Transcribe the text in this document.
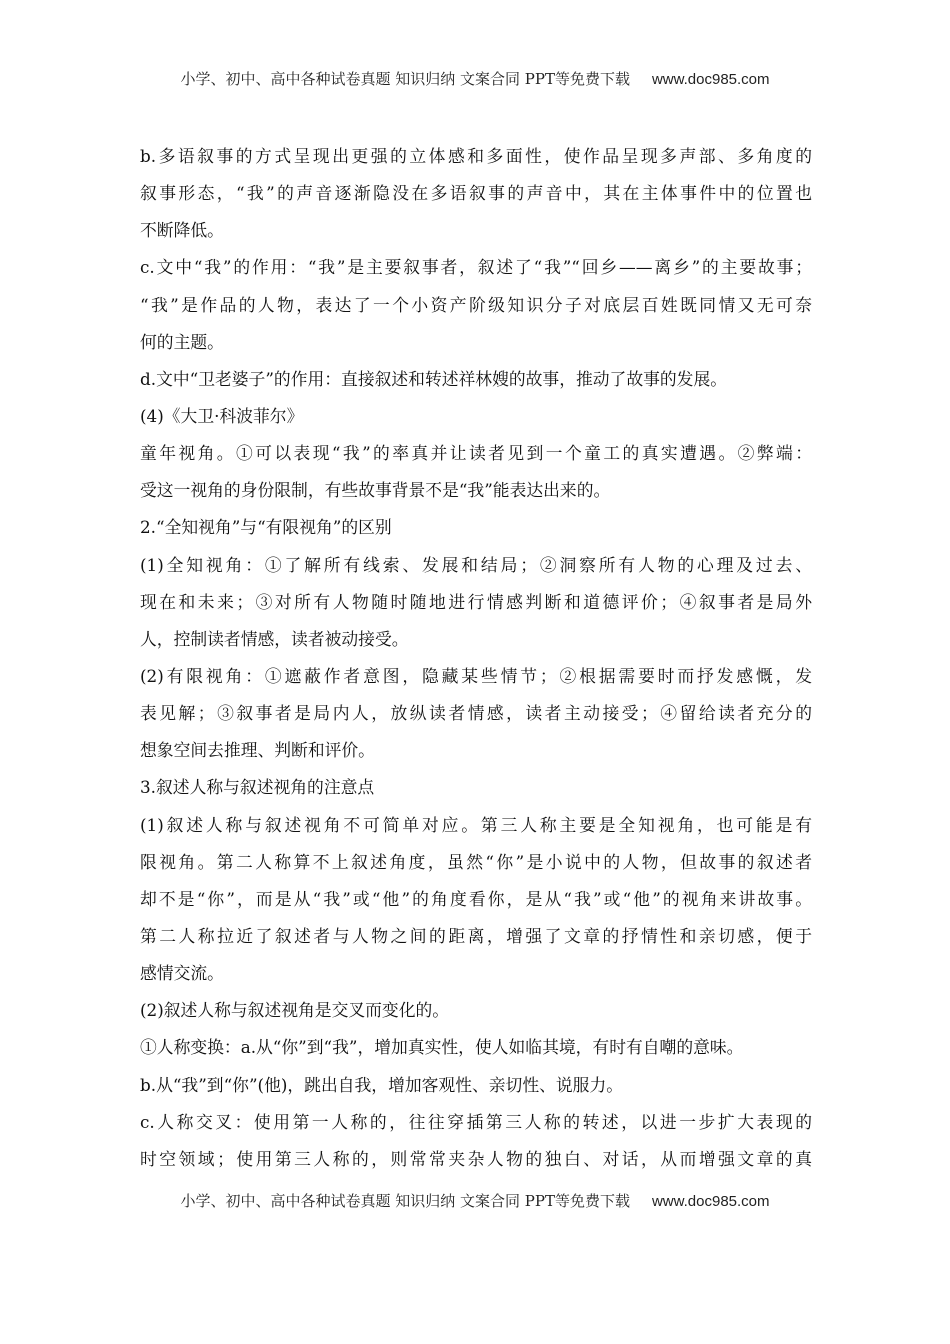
小学、初中、高中各种试卷真题 知识归纳 文案合同 PPT等免费下载 www.doc985.com
b.多语叙事的方式呈现出更强的立体感和多面性，使作品呈现多声部、多角度的
叙事形态，“我”的声音逐渐隐没在多语叙事的声音中，其在主体事件中的位置也
不断降低。
c.文中“我”的作用：“我”是主要叙事者，叙述了“我”“回乡——离乡”的主要故事；
“我”是作品的人物，表达了一个小资产阶级知识分子对底层百姓既同情又无可奈
何的主题。
d.文中“卫老婆子”的作用：直接叙述和转述祥林嫂的故事，推动了故事的发展。
(4)《大卫·科波菲尔》
童年视角。①可以表现“我”的率真并让读者见到一个童工的真实遭遇。②弊端：
受这一视角的身份限制，有些故事背景不是“我”能表达出来的。
2.“全知视角”与“有限视角”的区别
(1)全知视角：①了解所有线索、发展和结局；②洞察所有人物的心理及过去、
现在和未来；③对所有人物随时随地进行情感判断和道德评价；④叙事者是局外
人，控制读者情感，读者被动接受。
(2)有限视角：①遮蔽作者意图，隐藏某些情节；②根据需要时而抒发感慨，发
表见解；③叙事者是局内人，放纵读者情感，读者主动接受；④留给读者充分的
想象空间去推理、判断和评价。
3.叙述人称与叙述视角的注意点
(1)叙述人称与叙述视角不可简单对应。第三人称主要是全知视角，也可能是有
限视角。第二人称算不上叙述角度，虽然“你”是小说中的人物，但故事的叙述者
却不是“你”，而是从“我”或“他”的角度看你，是从“我”或“他”的视角来讲故事。
第二人称拉近了叙述者与人物之间的距离，增强了文章的抒情性和亲切感，便于
感情交流。
(2)叙述人称与叙述视角是交叉而变化的。
①人称变换：a.从“你”到“我”，增加真实性，使人如临其境，有时有自嘲的意味。
b.从“我”到“你”(他)，跳出自我，增加客观性、亲切性、说服力。
c.人称交叉：使用第一人称的，往往穿插第三人称的转述，以进一步扩大表现的
时空领域；使用第三人称的，则常常夹杂人物的独白、对话，从而增强文章的真
小学、初中、高中各种试卷真题 知识归纳 文案合同 PPT等免费下载 www.doc985.com
